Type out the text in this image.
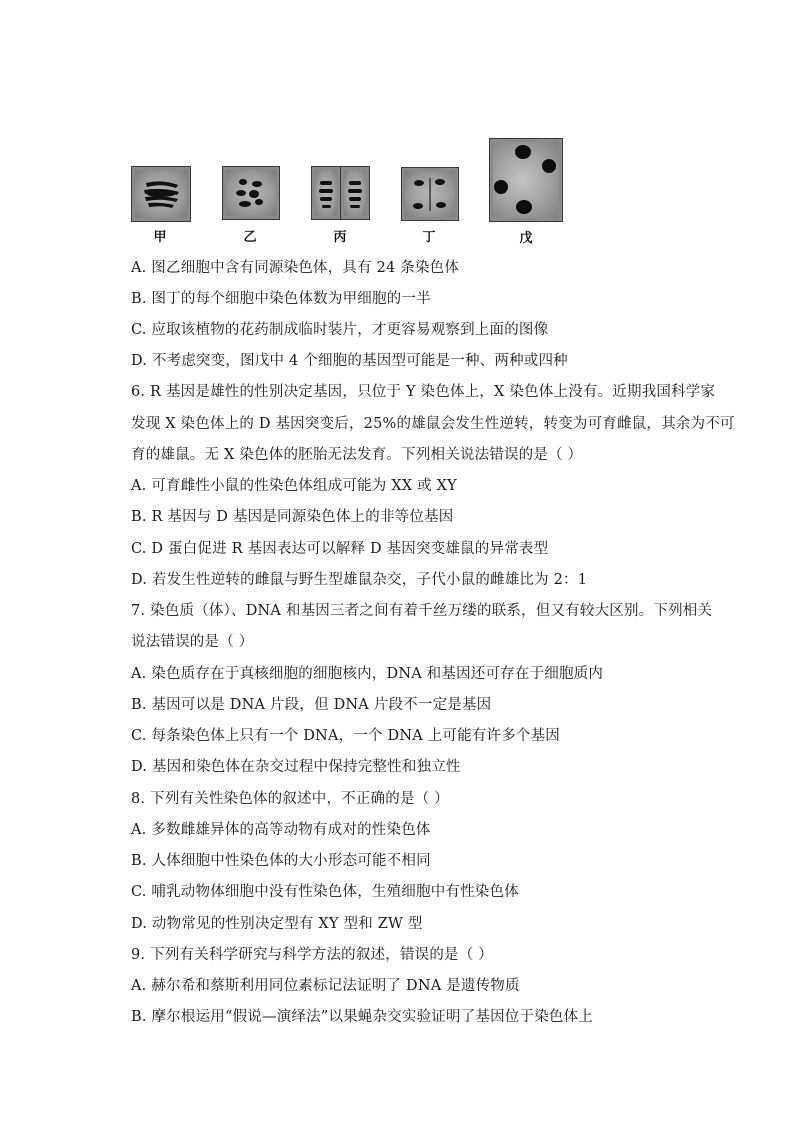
甲	乙	丙	丁	戊
A. 图乙细胞中含有同源染色体，具有 24 条染色体
B. 图丁的每个细胞中染色体数为甲细胞的一半
C. 应取该植物的花药制成临时装片，才更容易观察到上面的图像
D. 不考虑突变，图戊中 4 个细胞的基因型可能是一种、两种或四种
6. R 基因是雄性的性别决定基因，只位于 Y 染色体上，X 染色体上没有。近期我国科学家
发现 X 染色体上的 D 基因突变后，25%的雄鼠会发生性逆转，转变为可育雌鼠，其余为不可
育的雄鼠。无 X 染色体的胚胎无法发育。下列相关说法错误的是（ ）
A. 可育雌性小鼠的性染色体组成可能为 XX 或 XY
B. R 基因与 D 基因是同源染色体上的非等位基因
C. D 蛋白促进 R 基因表达可以解释 D 基因突变雄鼠的异常表型
D. 若发生性逆转的雌鼠与野生型雄鼠杂交，子代小鼠的雌雄比为 2：1
7. 染色质（体）、DNA 和基因三者之间有着千丝万缕的联系，但又有较大区别。下列相关
说法错误的是（ ）
A. 染色质存在于真核细胞的细胞核内，DNA 和基因还可存在于细胞质内
B. 基因可以是 DNA 片段，但 DNA 片段不一定是基因
C. 每条染色体上只有一个 DNA，一个 DNA 上可能有许多个基因
D. 基因和染色体在杂交过程中保持完整性和独立性
8. 下列有关性染色体的叙述中，不正确的是（ ）
A. 多数雌雄异体的高等动物有成对的性染色体
B. 人体细胞中性染色体的大小形态可能不相同
C. 哺乳动物体细胞中没有性染色体，生殖细胞中有性染色体
D. 动物常见的性别决定型有 XY 型和 ZW 型
9. 下列有关科学研究与科学方法的叙述，错误的是（ ）
A. 赫尔希和蔡斯利用同位素标记法证明了 DNA 是遗传物质
B. 摩尔根运用“假说—演绎法”以果蝇杂交实验证明了基因位于染色体上
